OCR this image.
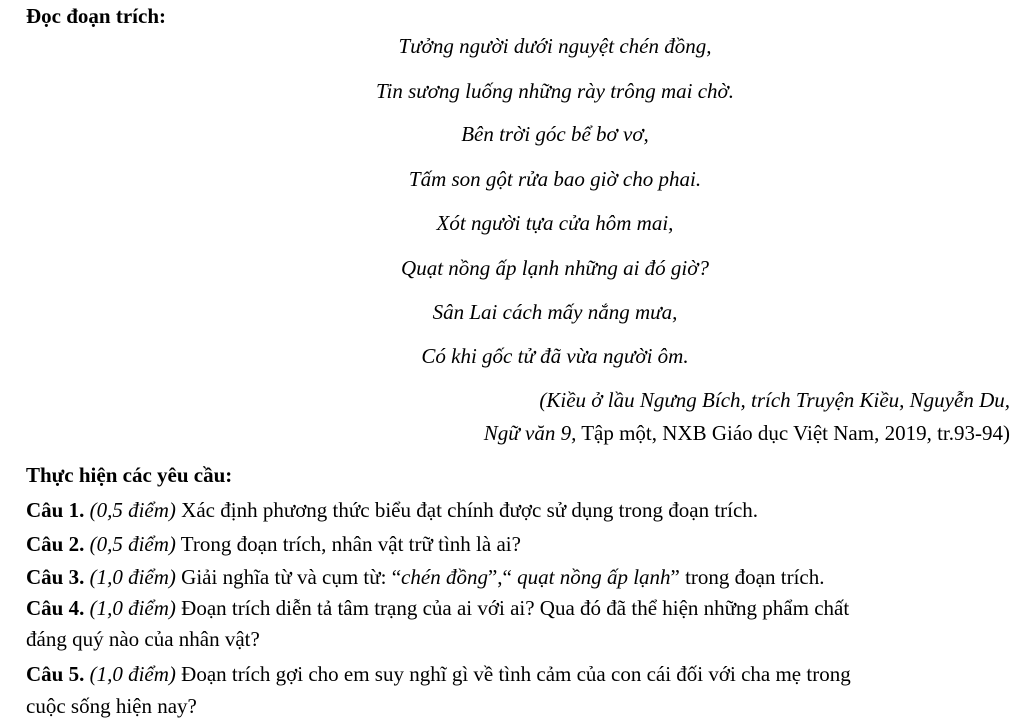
Đọc đoạn trích:
Tưởng người dưới nguyệt chén đồng,
Tin sương luống những rày trông mai chờ.
Bên trời góc bể bơ vơ,
Tấm son gột rửa bao giờ cho phai.
Xót người tựa cửa hôm mai,
Quạt nồng ấp lạnh những ai đó giờ?
Sân Lai cách mấy nắng mưa,
Có khi gốc tử đã vừa người ôm.
(Kiều ở lầu Ngưng Bích, trích Truyện Kiều, Nguyễn Du,
Ngữ văn 9, Tập một, NXB Giáo dục Việt Nam, 2019, tr.93-94)
Thực hiện các yêu cầu:
Câu 1. (0,5 điểm) Xác định phương thức biểu đạt chính được sử dụng trong đoạn trích.
Câu 2. (0,5 điểm) Trong đoạn trích, nhân vật trữ tình là ai?
Câu 3. (1,0 điểm) Giải nghĩa từ và cụm từ: “chén đồng”,“ quạt nồng ấp lạnh” trong đoạn trích.
Câu 4. (1,0 điểm) Đoạn trích diễn tả tâm trạng của ai với ai? Qua đó đã thể hiện những phẩm chất
đáng quý nào của nhân vật?
Câu 5. (1,0 điểm) Đoạn trích gợi cho em suy nghĩ gì về tình cảm của con cái đối với cha mẹ trong
cuộc sống hiện nay?
